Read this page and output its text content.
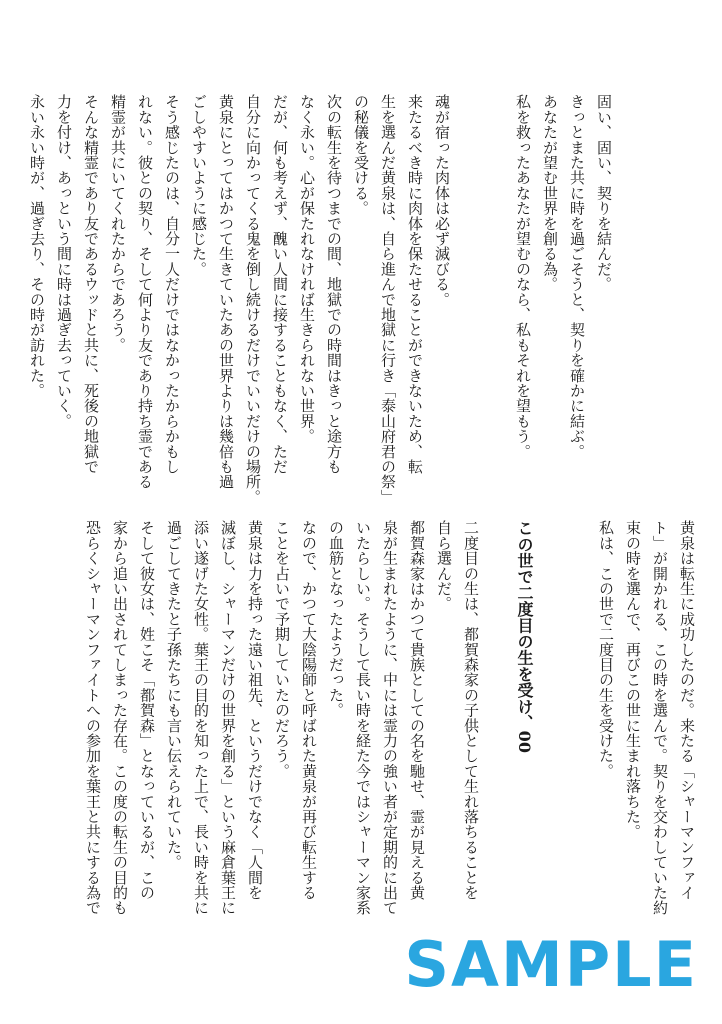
固い、固い、契りを結んだ。

きっとまた共に時を過ごそうと、契りを確かに結ぶ。

あなたが望む世界を創る為。

私を救ったあなたが望むのなら、私もそれを望もう。

魂が宿った肉体は必ず滅びる。

来たるべき時に肉体を保たせることができないため、転

生を選んだ黄泉は、自ら進んで地獄に行き「泰山府君の祭」

の秘儀を受ける。

次の転生を待つまでの間、地獄での時間はきっと途方も

なく永い。心が保たれなければ生きられない世界。

だが、何も考えず、醜い人間に接することもなく、ただ

自分に向かってくる鬼を倒し続けるだけでいいだけの場所。

黄泉にとってはかつて生きていたあの世界よりは幾倍も過

ごしやすいように感じた。

そう感じたのは、自分一人だけではなかったからかもし

れない。彼との契り、そして何より友であり持ち霊である

精霊が共にいてくれたからであろう。

そんな精霊であり友であるウッドと共に、死後の地獄で

力を付け、あっという間に時は過ぎ去っていく。

永い永い時が、過ぎ去り、その時が訪れた。

黄泉は転生に成功したのだ。来たる「シャーマンファイ

ト」が開かれる、この時を選んで。契りを交わしていた約

束の時を選んで、再びこの世に生まれ落ちた。

私は、この世で二度目の生を受けた。

この世で二度目の生を受け、00

二度目の生は、都賀森家の子供として生れ落ちることを

自ら選んだ。

都賀森家はかつて貴族としての名を馳せ、霊が見える黄

泉が生まれたように、中には霊力の強い者が定期的に出て

いたらしい。そうして長い時を経た今ではシャーマン家系

の血筋となったようだった。

なので、かつて大陰陽師と呼ばれた黄泉が再び転生する

ことを占いで予期していたのだろう。

黄泉は力を持った遠い祖先、というだけでなく「人間を

滅ぼし、シャーマンだけの世界を創る」という麻倉葉王に

添い遂げた女性。葉王の目的を知った上で、長い時を共に

過ごしてきたと子孫たちにも言い伝えられていた。

そして彼女は、姓こそ「都賀森」となっているが、この

家から追い出されてしまった存在。この度の転生の目的も

恐らくシャーマンファイトへの参加を葉王と共にする為で

SAMPLE
